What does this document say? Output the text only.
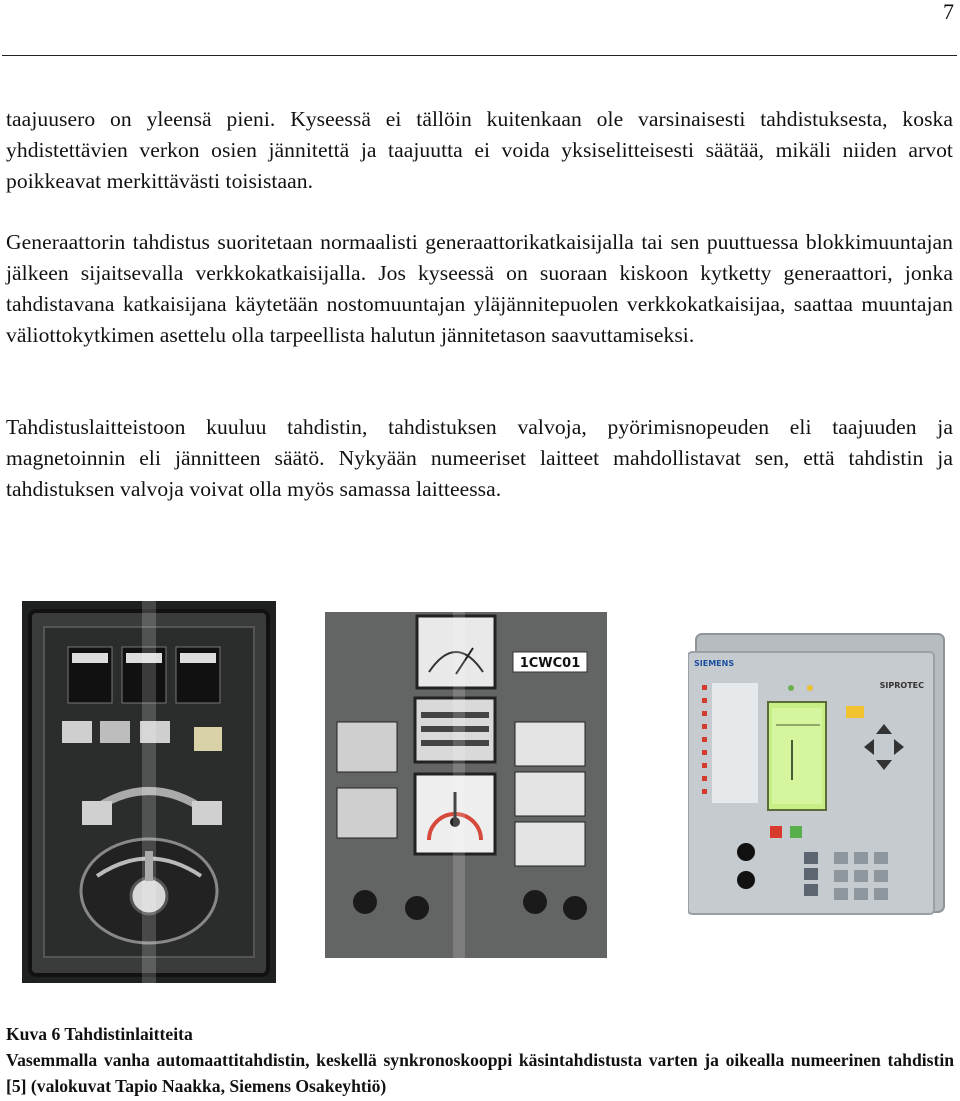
7

taajuusero on yleensä pieni. Kyseessä ei tällöin kuitenkaan ole varsinaisesti tahdistuksesta, koska yhdistettävien verkon osien jännitettä ja taajuutta ei voida yksiselitteisesti säätää, mikäli niiden arvot poikkeavat merkittävästi toisistaan.

Generaattorin tahdistus suoritetaan normaalisti generaattorikatkaisijalla tai sen puuttuessa blokkimuuntajan jälkeen sijaitsevalla verkkokatkaisijalla. Jos kyseessä on suoraan kiskoon kytketty generaattori, jonka tahdistavana katkaisijana käytetään nostomuuntajan yläjännitepuolen verkkokatkaisijaa, saattaa muuntajan väliottokytkimen asettelu olla tarpeellista halutun jännitetason saavuttamiseksi.

Tahdistuslaitteistoon kuuluu tahdistin, tahdistuksen valvoja, pyörimisnopeuden eli taajuuden ja magnetoinnin eli jännitteen säätö. Nykyään numeeriset laitteet mahdollistavat sen, että tahdistin ja tahdistuksen valvoja voivat olla myös samassa laitteessa.

1CWC01	SIEMENS
SIPROTEC

Kuva 6 Tahdistinlaitteita

Vasemmalla vanha automaattitahdistin, keskellä synkronoskooppi käsintahdistusta varten ja oikealla numeerinen tahdistin [5] (valokuvat Tapio Naakka, Siemens Osakeyhtiö)
